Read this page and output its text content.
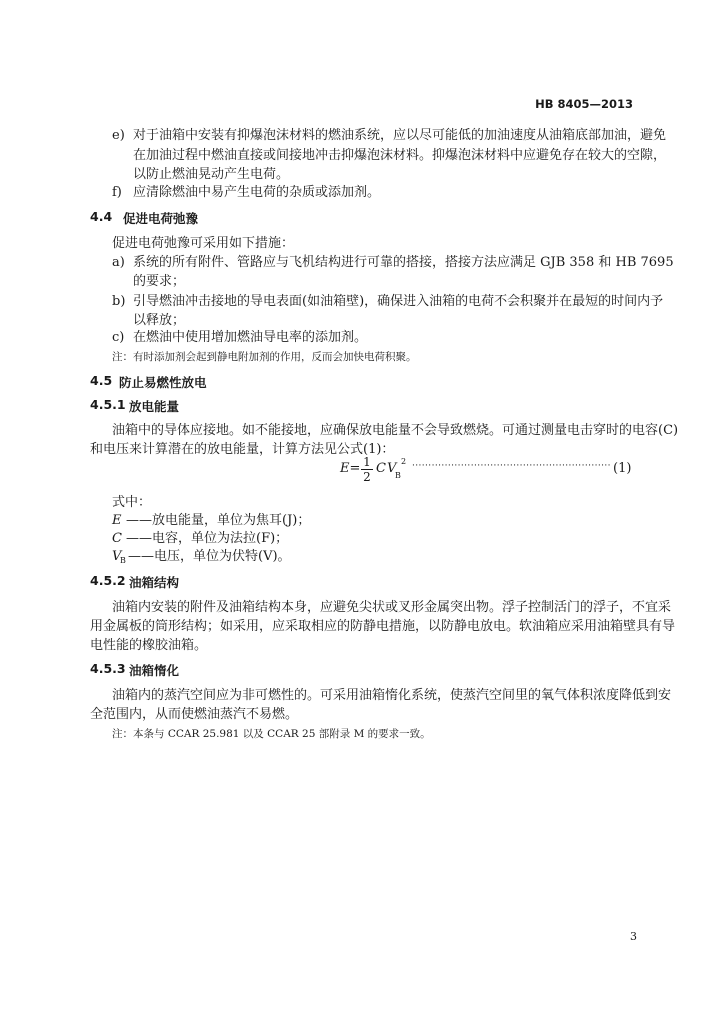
HB 8405—2013
e) 对于油箱中安装有抑爆泡沫材料的燃油系统，应以尽可能低的加油速度从油箱底部加油，避免
在加油过程中燃油直接或间接地冲击抑爆泡沫材料。抑爆泡沫材料中应避免存在较大的空隙，
以防止燃油晃动产生电荷。
f) 应清除燃油中易产生电荷的杂质或添加剂。
4.4 促进电荷弛豫
促进电荷弛豫可采用如下措施：
a) 系统的所有附件、管路应与飞机结构进行可靠的搭接，搭接方法应满足 GJB 358 和 HB 7695
的要求；
b) 引导燃油冲击接地的导电表面(如油箱壁)，确保进入油箱的电荷不会积聚并在最短的时间内予
以释放；
c) 在燃油中使用增加燃油导电率的添加剂。
注：有时添加剂会起到静电附加剂的作用，反而会加快电荷积聚。
4.5 防止易燃性放电
4.5.1 放电能量
油箱中的导体应接地。如不能接地，应确保放电能量不会导致燃烧。可通过测量电击穿时的电容(C)
和电压来计算潜在的放电能量，计算方法见公式(1)：
E= 1
2
C V
B
2 ····························································· (1)
式中：
E ——放电能量，单位为焦耳(J)；
C ——电容，单位为法拉(F)；
V
B ——电压，单位为伏特(V)。
4.5.2 油箱结构
油箱内安装的附件及油箱结构本身，应避免尖状或叉形金属突出物。浮子控制活门的浮子，不宜采
用金属板的筒形结构；如采用，应采取相应的防静电措施，以防静电放电。软油箱应采用油箱壁具有导
电性能的橡胶油箱。
4.5.3 油箱惰化
油箱内的蒸汽空间应为非可燃性的。可采用油箱惰化系统，使蒸汽空间里的氧气体积浓度降低到安
全范围内，从而使燃油蒸汽不易燃。
注：本条与 CCAR 25.981 以及 CCAR 25 部附录 M 的要求一致。
3
